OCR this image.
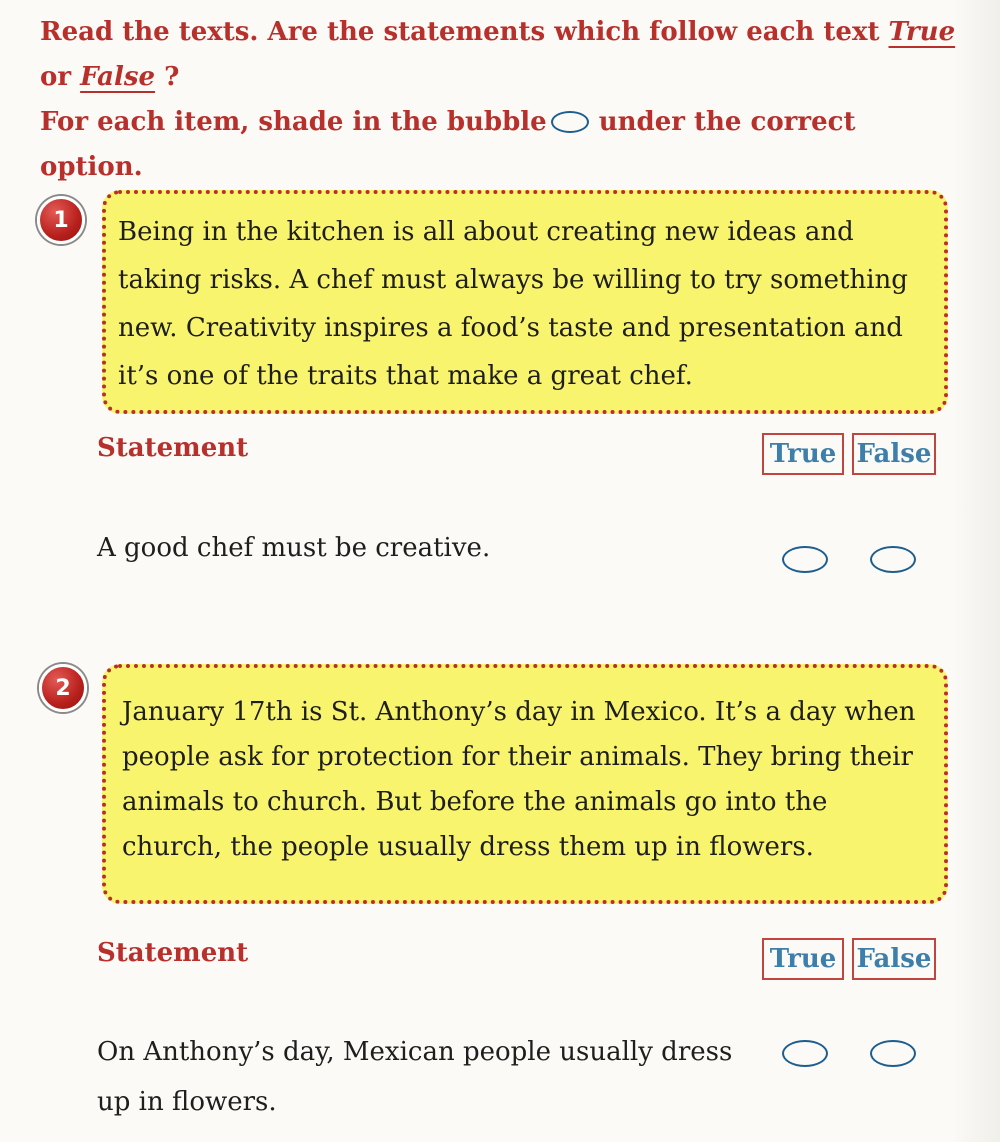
Read the texts. Are the statements which follow each text True
or False ?
For each item, shade in the bubble under the correct option.
1	Being in the kitchen is all about creating new ideas and taking risks. A chef must always be willing to try something new. Creativity inspires a food’s taste and presentation and it’s one of the traits that make a great chef.
Statement	True False
A good chef must be creative.
2
January 17th is St. Anthony’s day in Mexico. It’s a day when people ask for protection for their animals. They bring their animals to church. But before the animals go into the church, the people usually dress them up in flowers.
Statement	True False
On Anthony’s day, Mexican people usually dress up in flowers.
